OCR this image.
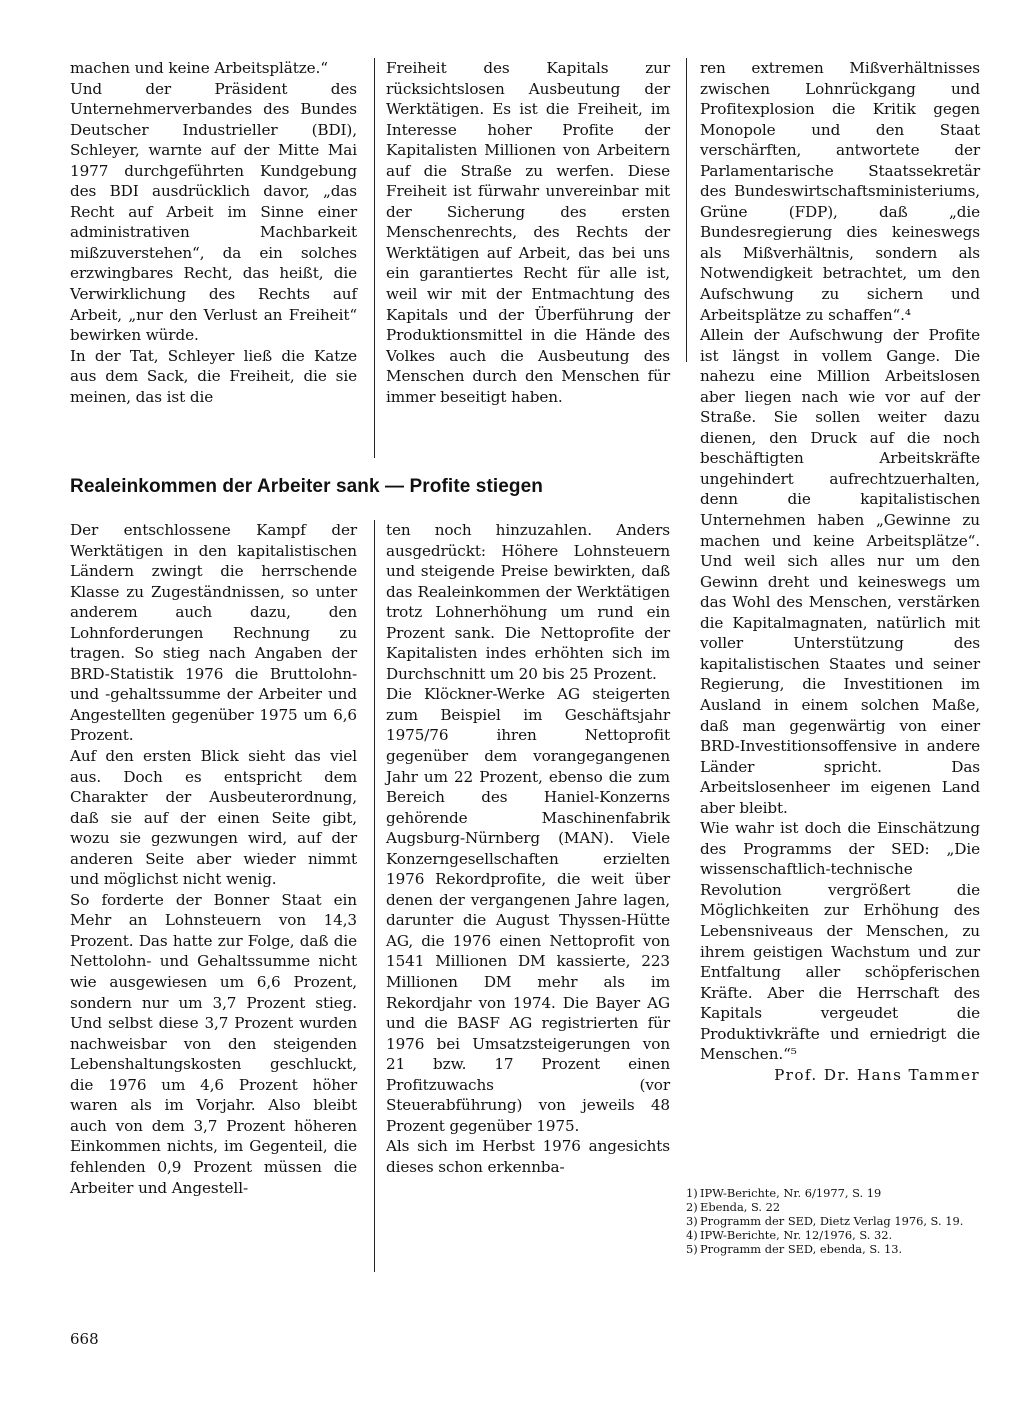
machen und keine Arbeitsplätze.“

Und der Präsident des Unternehmerverbandes des Bundes Deutscher Industrieller (BDI), Schleyer, warnte auf der Mitte Mai 1977 durchgeführten Kundgebung des BDI ausdrücklich davor, „das Recht auf Arbeit im Sinne einer administrativen Machbarkeit mißzuverstehen“, da ein solches erzwingbares Recht, das heißt, die Verwirklichung des Rechts auf Arbeit, „nur den Verlust an Freiheit“ bewirken würde.

In der Tat, Schleyer ließ die Katze aus dem Sack, die Freiheit, die sie meinen, das ist die

Freiheit des Kapitals zur rücksichtslosen Ausbeutung der Werktätigen. Es ist die Freiheit, im Interesse hoher Profite der Kapitalisten Millionen von Arbeitern auf die Straße zu werfen. Diese Freiheit ist fürwahr unvereinbar mit der Sicherung des ersten Menschenrechts, des Rechts der Werktätigen auf Arbeit, das bei uns ein garantiertes Recht für alle ist, weil wir mit der Entmachtung des Kapitals und der Überführung der Produktionsmittel in die Hände des Volkes auch die Ausbeutung des Menschen durch den Menschen für immer beseitigt haben.

Realeinkommen der Arbeiter sank — Profite stiegen

Der entschlossene Kampf der Werktätigen in den kapitalistischen Ländern zwingt die herrschende Klasse zu Zugeständnissen, so unter anderem auch dazu, den Lohnforderungen Rechnung zu tragen. So stieg nach Angaben der BRD-Statistik 1976 die Bruttolohn- und -gehaltssumme der Arbeiter und Angestellten gegenüber 1975 um 6,6 Prozent.

Auf den ersten Blick sieht das viel aus. Doch es entspricht dem Charakter der Ausbeuterordnung, daß sie auf der einen Seite gibt, wozu sie gezwungen wird, auf der anderen Seite aber wieder nimmt und möglichst nicht wenig.

So forderte der Bonner Staat ein Mehr an Lohnsteuern von 14,3 Prozent. Das hatte zur Folge, daß die Nettolohn- und Gehaltssumme nicht wie ausgewiesen um 6,6 Prozent, sondern nur um 3,7 Prozent stieg. Und selbst diese 3,7 Prozent wurden nachweisbar von den steigenden Lebenshaltungskosten geschluckt, die 1976 um 4,6 Prozent höher waren als im Vorjahr. Also bleibt auch von dem 3,7 Prozent höheren Einkommen nichts, im Gegenteil, die fehlenden 0,9 Prozent müssen die Arbeiter und Angestell-

ten noch hinzuzahlen. Anders ausgedrückt: Höhere Lohnsteuern und steigende Preise bewirkten, daß das Realeinkommen der Werktätigen trotz Lohnerhöhung um rund ein Prozent sank. Die Nettoprofite der Kapitalisten indes erhöhten sich im Durchschnitt um 20 bis 25 Prozent.

Die Klöckner-Werke AG steigerten zum Beispiel im Geschäftsjahr 1975/76 ihren Nettoprofit gegenüber dem vorangegangenen Jahr um 22 Prozent, ebenso die zum Bereich des Haniel-Konzerns gehörende Maschinenfabrik Augsburg-Nürnberg (MAN). Viele Konzerngesellschaften erzielten 1976 Rekordprofite, die weit über denen der vergangenen Jahre lagen, darunter die August Thyssen-Hütte AG, die 1976 einen Nettoprofit von 1541 Millionen DM kassierte, 223 Millionen DM mehr als im Rekordjahr von 1974. Die Bayer AG und die BASF AG registrierten für 1976 bei Umsatzsteigerungen von 21 bzw. 17 Prozent einen Profitzuwachs (vor Steuerabführung) von jeweils 48 Prozent gegenüber 1975.

Als sich im Herbst 1976 angesichts dieses schon erkennba-

ren extremen Mißverhältnisses zwischen Lohnrückgang und Profitexplosion die Kritik gegen Monopole und den Staat verschärften, antwortete der Parlamentarische Staatssekretär des Bundeswirtschaftsministeriums, Grüne (FDP), daß „die Bundesregierung dies keineswegs als Mißverhältnis, sondern als Notwendigkeit betrachtet, um den Aufschwung zu sichern und Arbeitsplätze zu schaffen“.⁴

Allein der Aufschwung der Profite ist längst in vollem Gange. Die nahezu eine Million Arbeitslosen aber liegen nach wie vor auf der Straße. Sie sollen weiter dazu dienen, den Druck auf die noch beschäftigten Arbeitskräfte ungehindert aufrechtzuerhalten, denn die kapitalistischen Unternehmen haben „Gewinne zu machen und keine Arbeitsplätze“. Und weil sich alles nur um den Gewinn dreht und keineswegs um das Wohl des Menschen, verstärken die Kapitalmagnaten, natürlich mit voller Unterstützung des kapitalistischen Staates und seiner Regierung, die Investitionen im Ausland in einem solchen Maße, daß man gegenwärtig von einer BRD-Investitionsoffensive in andere Länder spricht. Das Arbeitslosenheer im eigenen Land aber bleibt.

Wie wahr ist doch die Einschätzung des Programms der SED: „Die wissenschaftlich-technische Revolution vergrößert die Möglichkeiten zur Erhöhung des Lebensniveaus der Menschen, zu ihrem geistigen Wachstum und zur Entfaltung aller schöpferischen Kräfte. Aber die Herrschaft des Kapitals vergeudet die Produktivkräfte und erniedrigt die Menschen.“⁵

Prof. Dr. Hans Tammer

1) IPW-Berichte, Nr. 6/1977, S. 19
2) Ebenda, S. 22
3) Programm der SED, Dietz Verlag 1976, S. 19.
4) IPW-Berichte, Nr. 12/1976, S. 32.
5) Programm der SED, ebenda, S. 13.
668
